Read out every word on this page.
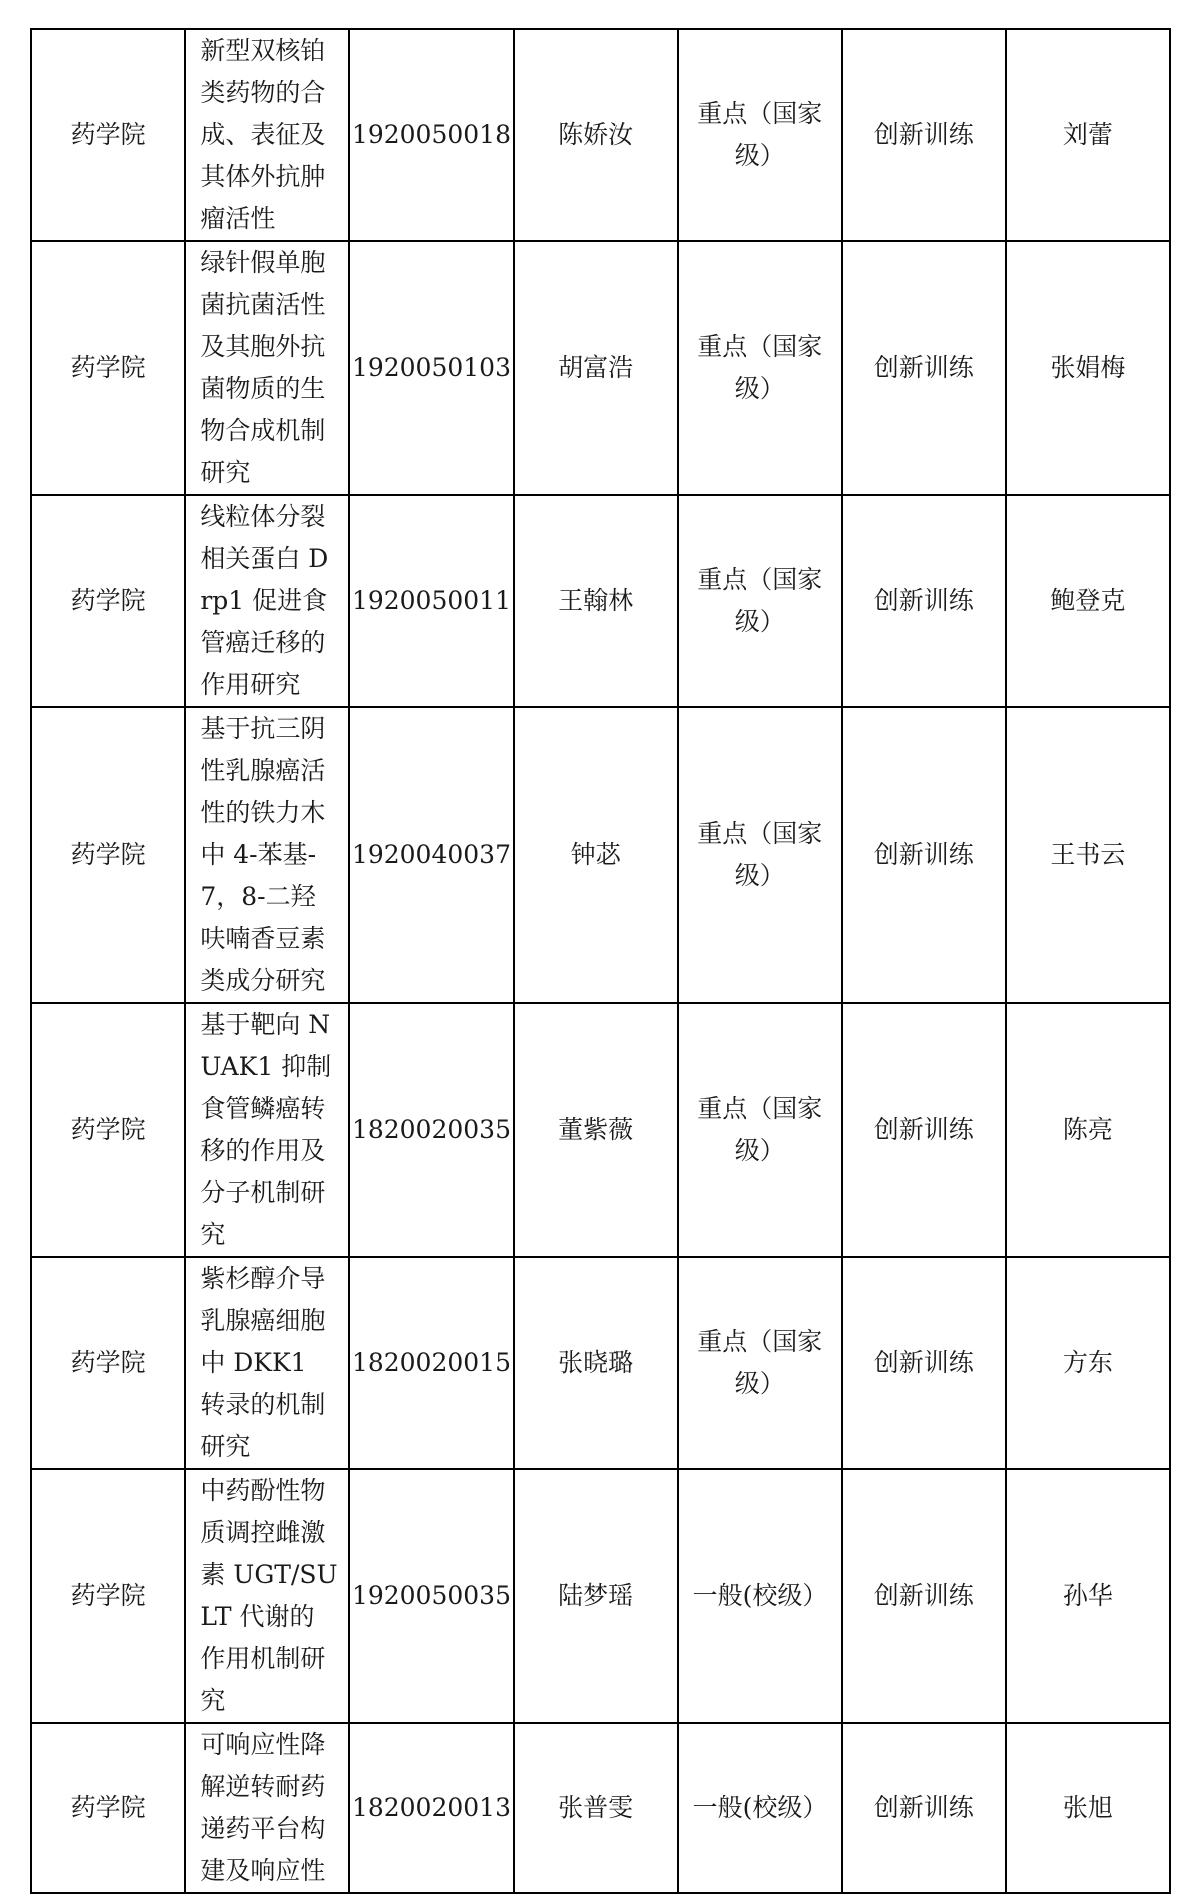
药学院	新型双核铂类药物的合成、表征及其体外抗肿瘤活性	1920050018	陈娇汝	重点（国家级）	创新训练	刘蕾
药学院	绿针假单胞菌抗菌活性及其胞外抗菌物质的生物合成机制研究	1920050103	胡富浩	重点（国家级）	创新训练	张娟梅
药学院	线粒体分裂相关蛋白 Drp1 促进食管癌迁移的作用研究	1920050011	王翰林	重点（国家级）	创新训练	鲍登克
药学院	基于抗三阴性乳腺癌活性的铁力木中 4-苯基-7，8-二羟呋喃香豆素类成分研究	1920040037	钟苾	重点（国家级）	创新训练	王书云
药学院	基于靶向 NUAK1 抑制食管鳞癌转移的作用及分子机制研究	1820020035	董紫薇	重点（国家级）	创新训练	陈亮
药学院	紫杉醇介导乳腺癌细胞中 DKK1 转录的机制研究	1820020015	张晓璐	重点（国家级）	创新训练	方东
药学院	中药酚性物质调控雌激素 UGT/SULT 代谢的作用机制研究	1920050035	陆梦瑶	一般(校级）	创新训练	孙华
药学院	可响应性降解逆转耐药递药平台构建及响应性	1820020013	张普雯	一般(校级）	创新训练	张旭
